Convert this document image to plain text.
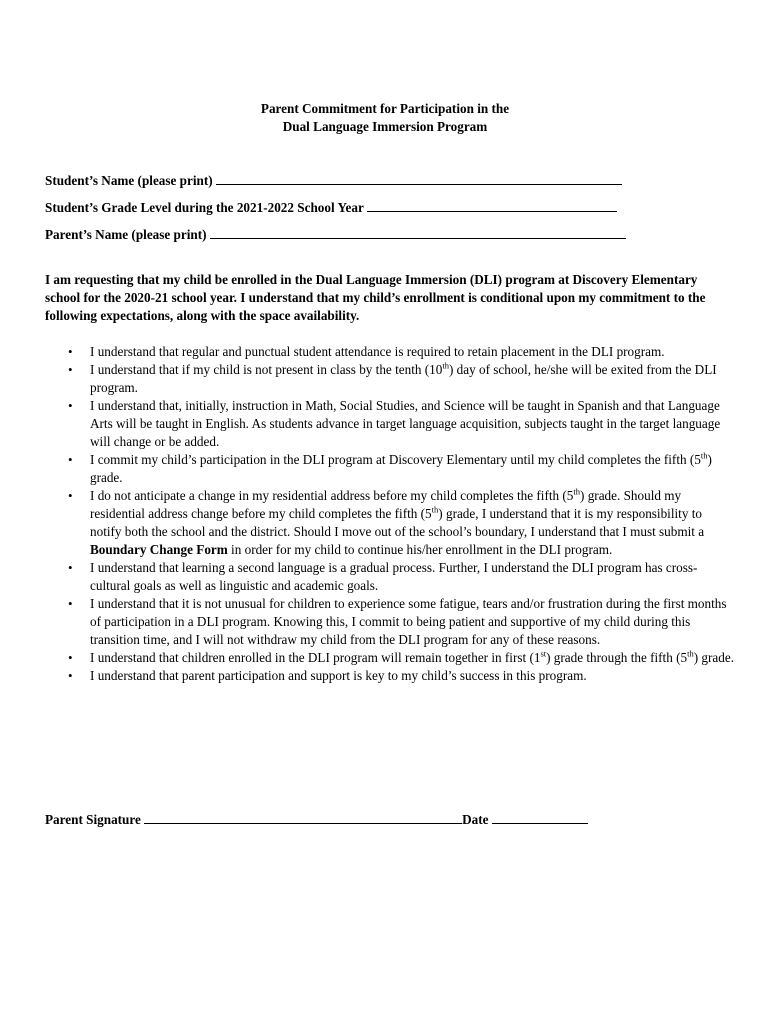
Parent Commitment for Participation in the
Dual Language Immersion Program
Student’s Name (please print)
Student’s Grade Level during the 2021-2022 School Year
Parent’s Name (please print)
I am requesting that my child be enrolled in the Dual Language Immersion (DLI) program at Discovery Elementary school for the 2020-21 school year. I understand that my child’s enrollment is conditional upon my commitment to the following expectations, along with the space availability.
• I understand that regular and punctual student attendance is required to retain placement in the DLI program.
• I understand that if my child is not present in class by the tenth (10th) day of school, he/she will be exited from the DLI program.
• I understand that, initially, instruction in Math, Social Studies, and Science will be taught in Spanish and that Language Arts will be taught in English. As students advance in target language acquisition, subjects taught in the target language will change or be added.
• I commit my child’s participation in the DLI program at Discovery Elementary until my child completes the fifth (5th) grade.
• I do not anticipate a change in my residential address before my child completes the fifth (5th) grade. Should my residential address change before my child completes the fifth (5th) grade, I understand that it is my responsibility to notify both the school and the district. Should I move out of the school’s boundary, I understand that I must submit a Boundary Change Form in order for my child to continue his/her enrollment in the DLI program.
• I understand that learning a second language is a gradual process. Further, I understand the DLI program has cross-cultural goals as well as linguistic and academic goals.
• I understand that it is not unusual for children to experience some fatigue, tears and/or frustration during the first months of participation in a DLI program. Knowing this, I commit to being patient and supportive of my child during this transition time, and I will not withdraw my child from the DLI program for any of these reasons.
• I understand that children enrolled in the DLI program will remain together in first (1st) grade through the fifth (5th) grade.
• I understand that parent participation and support is key to my child’s success in this program.
Parent Signature	Date
